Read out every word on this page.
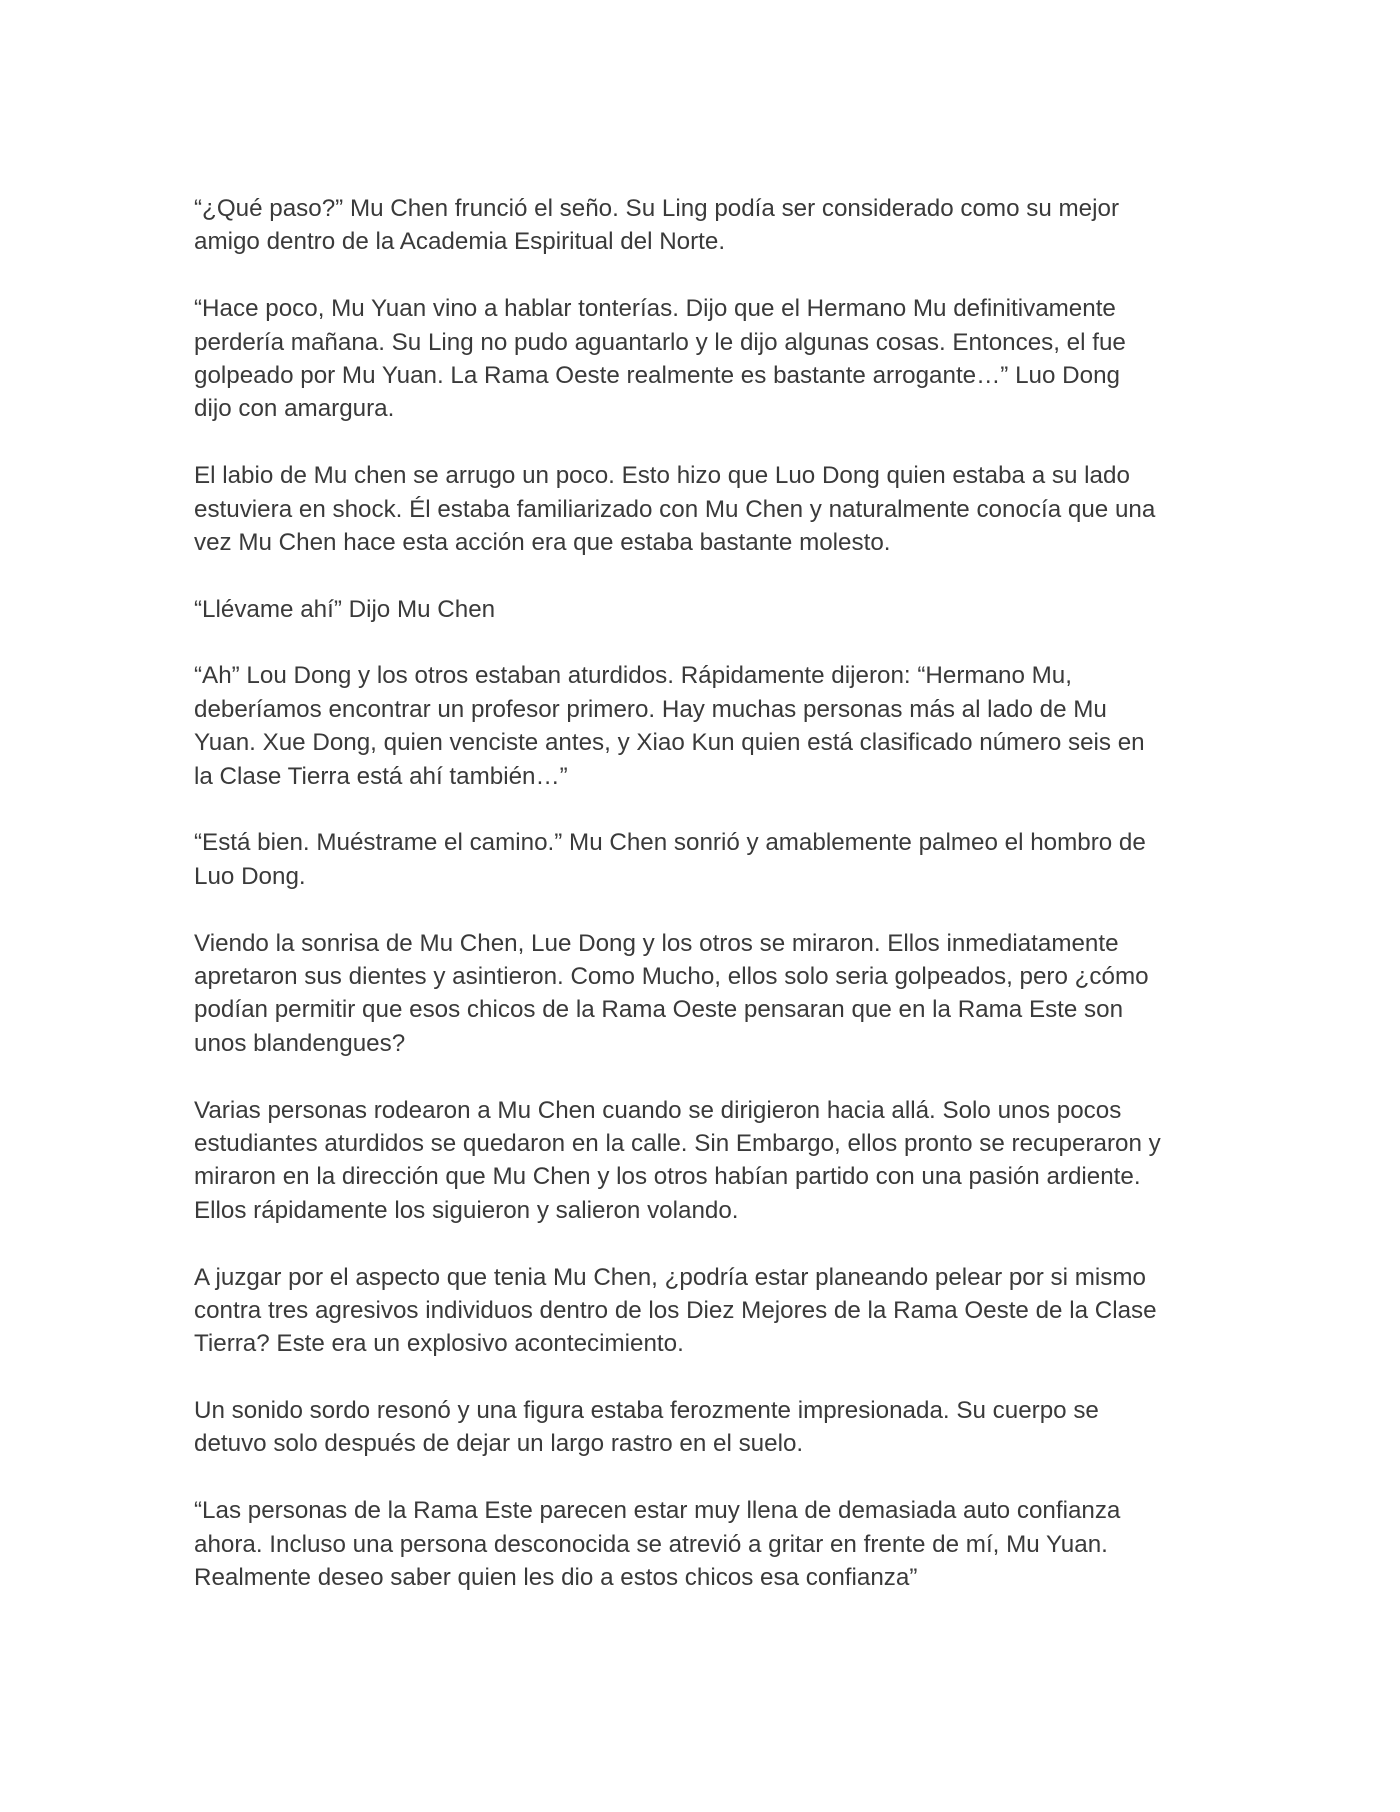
“¿Qué paso?” Mu Chen frunció el seño. Su Ling podía ser considerado como su mejor
amigo dentro de la Academia Espiritual del Norte.

“Hace poco, Mu Yuan vino a hablar tonterías. Dijo que el Hermano Mu definitivamente
perdería mañana. Su Ling no pudo aguantarlo y le dijo algunas cosas. Entonces, el fue
golpeado por Mu Yuan. La Rama Oeste realmente es bastante arrogante…” Luo Dong
dijo con amargura.

El labio de Mu chen se arrugo un poco. Esto hizo que Luo Dong quien estaba a su lado
estuviera en shock. Él estaba familiarizado con Mu Chen y naturalmente conocía que una
vez Mu Chen hace esta acción era que estaba bastante molesto.

“Llévame ahí” Dijo Mu Chen

“Ah” Lou Dong y los otros estaban aturdidos. Rápidamente dijeron: “Hermano Mu,
deberíamos encontrar un profesor primero. Hay muchas personas más al lado de Mu
Yuan. Xue Dong, quien venciste antes, y Xiao Kun quien está clasificado número seis en
la Clase Tierra está ahí también…”

“Está bien. Muéstrame el camino.” Mu Chen sonrió y amablemente palmeo el hombro de
Luo Dong.

Viendo la sonrisa de Mu Chen, Lue Dong y los otros se miraron. Ellos inmediatamente
apretaron sus dientes y asintieron. Como Mucho, ellos solo seria golpeados, pero ¿cómo
podían permitir que esos chicos de la Rama Oeste pensaran que en la Rama Este son
unos blandengues?

Varias personas rodearon a Mu Chen cuando se dirigieron hacia allá. Solo unos pocos
estudiantes aturdidos se quedaron en la calle. Sin Embargo, ellos pronto se recuperaron y
miraron en la dirección que Mu Chen y los otros habían partido con una pasión ardiente.
Ellos rápidamente los siguieron y salieron volando.

A juzgar por el aspecto que tenia Mu Chen, ¿podría estar planeando pelear por si mismo
contra tres agresivos individuos dentro de los Diez Mejores de la Rama Oeste de la Clase
Tierra? Este era un explosivo acontecimiento.

Un sonido sordo resonó y una figura estaba ferozmente impresionada. Su cuerpo se
detuvo solo después de dejar un largo rastro en el suelo.

“Las personas de la Rama Este parecen estar muy llena de demasiada auto confianza
ahora. Incluso una persona desconocida se atrevió a gritar en frente de mí, Mu Yuan.
Realmente deseo saber quien les dio a estos chicos esa confianza”
